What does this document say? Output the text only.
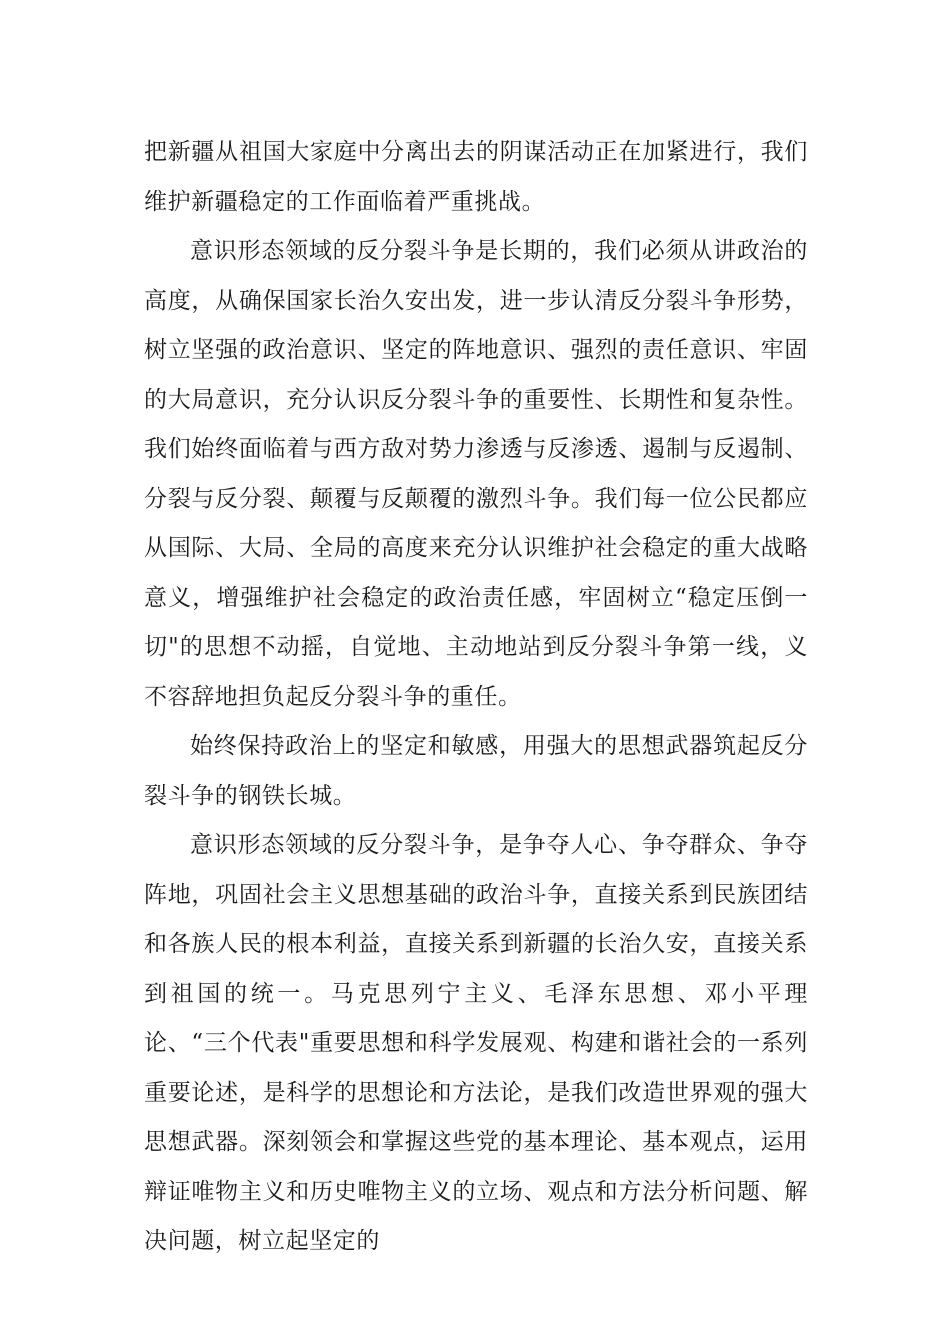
把新疆从祖国大家庭中分离出去的阴谋活动正在加紧进行，我们维护新疆稳定的工作面临着严重挑战。

意识形态领域的反分裂斗争是长期的，我们必须从讲政治的高度，从确保国家长治久安出发，进一步认清反分裂斗争形势，树立坚强的政治意识、坚定的阵地意识、强烈的责任意识、牢固的大局意识，充分认识反分裂斗争的重要性、长期性和复杂性。我们始终面临着与西方敌对势力渗透与反渗透、遏制与反遏制、分裂与反分裂、颠覆与反颠覆的激烈斗争。我们每一位公民都应从国际、大局、全局的高度来充分认识维护社会稳定的重大战略意义，增强维护社会稳定的政治责任感，牢固树立“稳定压倒一切"的思想不动摇，自觉地、主动地站到反分裂斗争第一线，义不容辞地担负起反分裂斗争的重任。

始终保持政治上的坚定和敏感，用强大的思想武器筑起反分裂斗争的钢铁长城。

意识形态领域的反分裂斗争，是争夺人心、争夺群众、争夺阵地，巩固社会主义思想基础的政治斗争，直接关系到民族团结和各族人民的根本利益，直接关系到新疆的长治久安，直接关系到祖国的统一。马克思列宁主义、毛泽东思想、邓小平理论、“三个代表"重要思想和科学发展观、构建和谐社会的一系列重要论述，是科学的思想论和方法论，是我们改造世界观的强大思想武器。深刻领会和掌握这些党的基本理论、基本观点，运用辩证唯物主义和历史唯物主义的立场、观点和方法分析问题、解决问题，树立起坚定的
